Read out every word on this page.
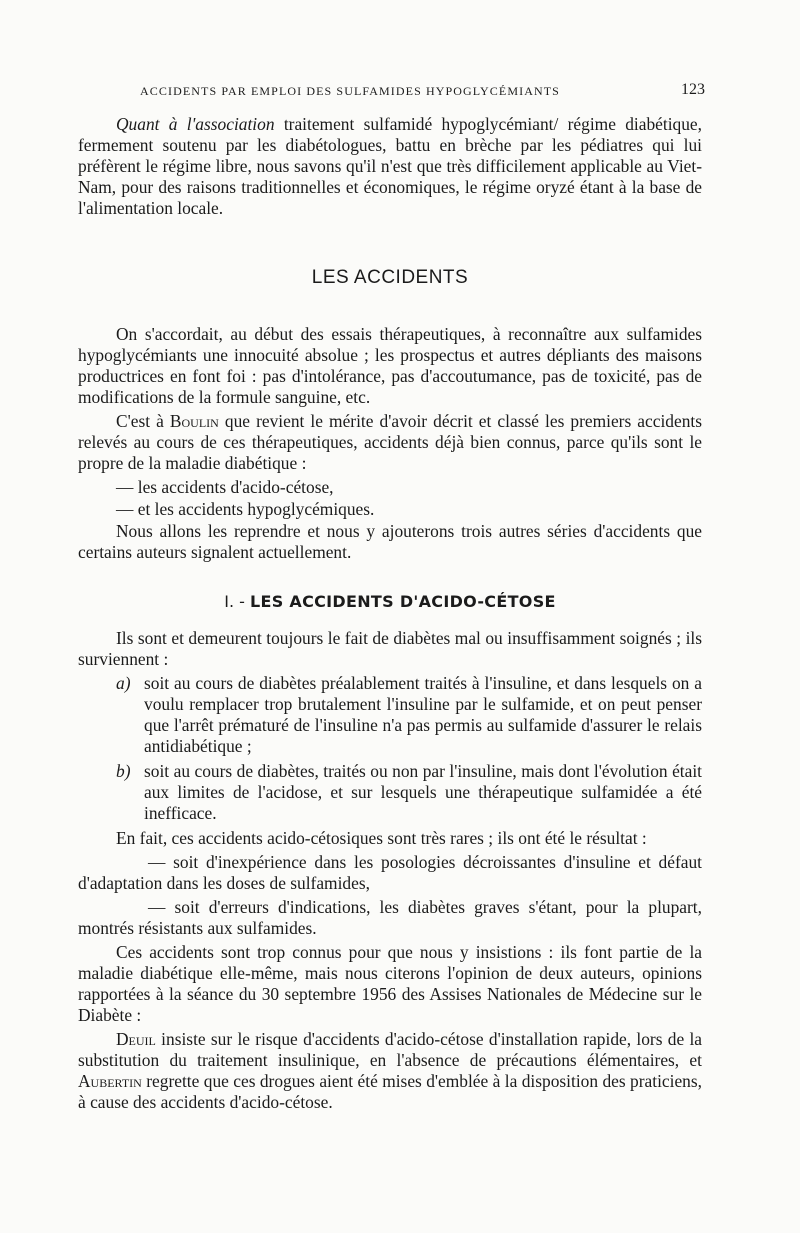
ACCIDENTS PAR EMPLOI DES SULFAMIDES HYPOGLYCÉMIANTS	123

Quant à l'association traitement sulfamidé hypoglycémiant/ régime diabétique, fermement soutenu par les diabétologues, battu en brèche par les pédiatres qui lui préfèrent le régime libre, nous savons qu'il n'est que très difficilement applicable au Viet-Nam, pour des raisons traditionnelles et économiques, le régime oryzé étant à la base de l'alimentation locale.

LES ACCIDENTS

On s'accordait, au début des essais thérapeutiques, à reconnaître aux sulfamides hypoglycémiants une innocuité absolue ; les prospectus et autres dépliants des maisons productrices en font foi : pas d'intolérance, pas d'accoutumance, pas de toxicité, pas de modifications de la formule sanguine, etc.

C'est à Boulin que revient le mérite d'avoir décrit et classé les premiers accidents relevés au cours de ces thérapeutiques, accidents déjà bien connus, parce qu'ils sont le propre de la maladie diabétique :

— les accidents d'acido-cétose,
— et les accidents hypoglycémiques.

Nous allons les reprendre et nous y ajouterons trois autres séries d'accidents que certains auteurs signalent actuellement.

I. - LES ACCIDENTS D'ACIDO-CÉTOSE

Ils sont et demeurent toujours le fait de diabètes mal ou insuffisamment soignés ; ils surviennent :

a) soit au cours de diabètes préalablement traités à l'insuline, et dans lesquels on a voulu remplacer trop brutalement l'insuline par le sulfamide, et on peut penser que l'arrêt prématuré de l'insuline n'a pas permis au sulfamide d'assurer le relais antidiabétique ;
b) soit au cours de diabètes, traités ou non par l'insuline, mais dont l'évolution était aux limites de l'acidose, et sur lesquels une thérapeutique sulfamidée a été inefficace.

En fait, ces accidents acido-cétosiques sont très rares ; ils ont été le résultat :

— soit d'inexpérience dans les posologies décroissantes d'insuline et défaut d'adaptation dans les doses de sulfamides,

— soit d'erreurs d'indications, les diabètes graves s'étant, pour la plupart, montrés résistants aux sulfamides.

Ces accidents sont trop connus pour que nous y insistions : ils font partie de la maladie diabétique elle-même, mais nous citerons l'opinion de deux auteurs, opinions rapportées à la séance du 30 septembre 1956 des Assises Nationales de Médecine sur le Diabète :

Deuil insiste sur le risque d'accidents d'acido-cétose d'installation rapide, lors de la substitution du traitement insulinique, en l'absence de précautions élémentaires, et Aubertin regrette que ces drogues aient été mises d'emblée à la disposition des praticiens, à cause des accidents d'acido-cétose.
